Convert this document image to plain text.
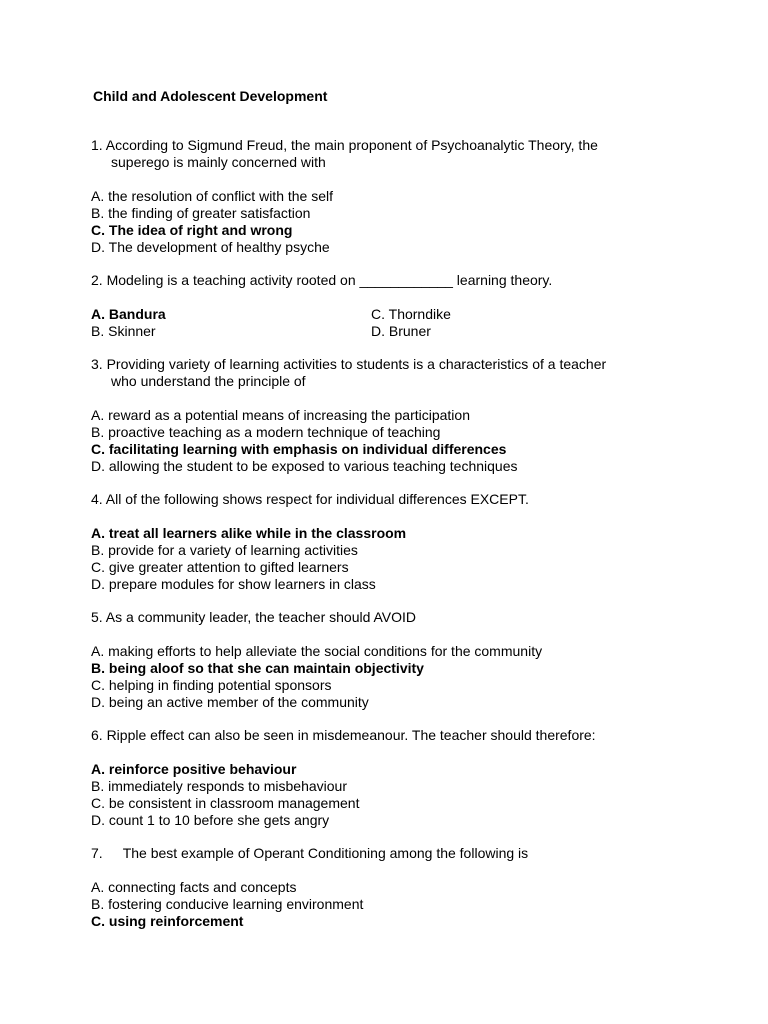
Child and Adolescent Development

1. According to Sigmund Freud, the main proponent of Psychoanalytic Theory, the
superego is mainly concerned with

A. the resolution of conflict with the self
B. the finding of greater satisfaction
C. The idea of right and wrong
D. The development of healthy psyche

2. Modeling is a teaching activity rooted on ____________ learning theory.

A. Bandura	C. Thorndike
B. Skinner	D. Bruner

3. Providing variety of learning activities to students is a characteristics of a teacher
who understand the principle of

A. reward as a potential means of increasing the participation
B. proactive teaching as a modern technique of teaching
C. facilitating learning with emphasis on individual differences
D. allowing the student to be exposed to various teaching techniques

4. All of the following shows respect for individual differences EXCEPT.

A. treat all learners alike while in the classroom
B. provide for a variety of learning activities
C. give greater attention to gifted learners
D. prepare modules for show learners in class

5. As a community leader, the teacher should AVOID

A. making efforts to help alleviate the social conditions for the community
B. being aloof so that she can maintain objectivity
C. helping in finding potential sponsors
D. being an active member of the community

6. Ripple effect can also be seen in misdemeanour. The teacher should therefore:

A. reinforce positive behaviour
B. immediately responds to misbehaviour
C. be consistent in classroom management
D. count 1 to 10 before she gets angry

7. The best example of Operant Conditioning among the following is

A. connecting facts and concepts
B. fostering conducive learning environment
C. using reinforcement
